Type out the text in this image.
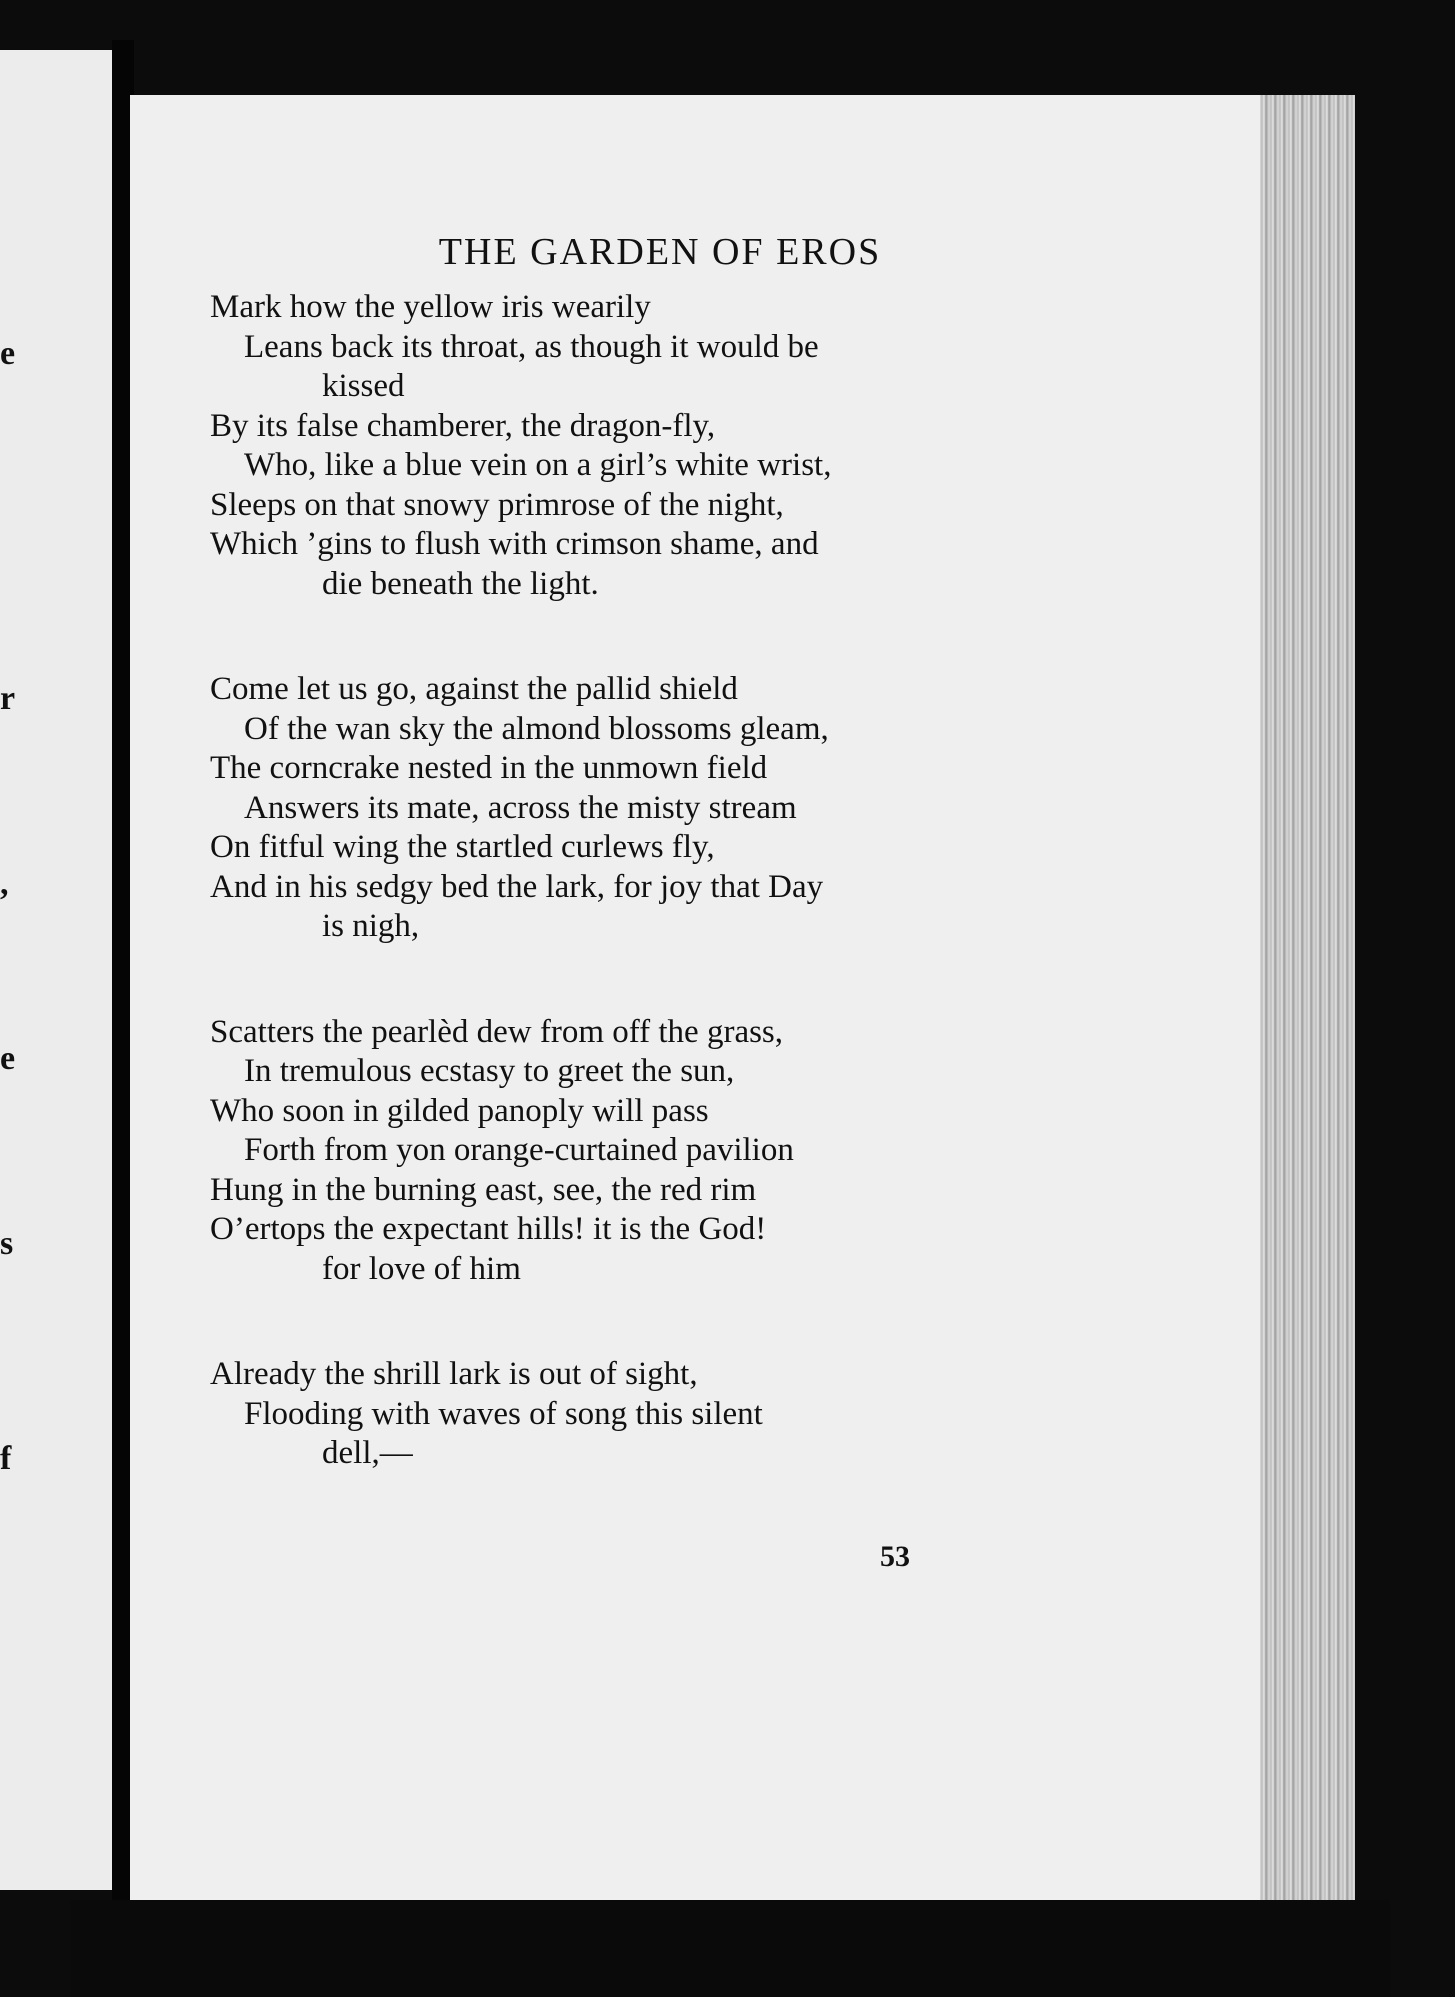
e
r
,
e
s
f
THE GARDEN OF EROS
Mark how the yellow iris wearily
Leans back its throat, as though it would be
kissed
By its false chamberer, the dragon-fly,
Who, like a blue vein on a girl’s white wrist,
Sleeps on that snowy primrose of the night,
Which ’gins to flush with crimson shame, and
die beneath the light.
Come let us go, against the pallid shield
Of the wan sky the almond blossoms gleam,
The corncrake nested in the unmown field
Answers its mate, across the misty stream
On fitful wing the startled curlews fly,
And in his sedgy bed the lark, for joy that Day
is nigh,
Scatters the pearlèd dew from off the grass,
In tremulous ecstasy to greet the sun,
Who soon in gilded panoply will pass
Forth from yon orange-curtained pavilion
Hung in the burning east, see, the red rim
O’ertops the expectant hills! it is the God!
for love of him
Already the shrill lark is out of sight,
Flooding with waves of song this silent
dell,—
53
